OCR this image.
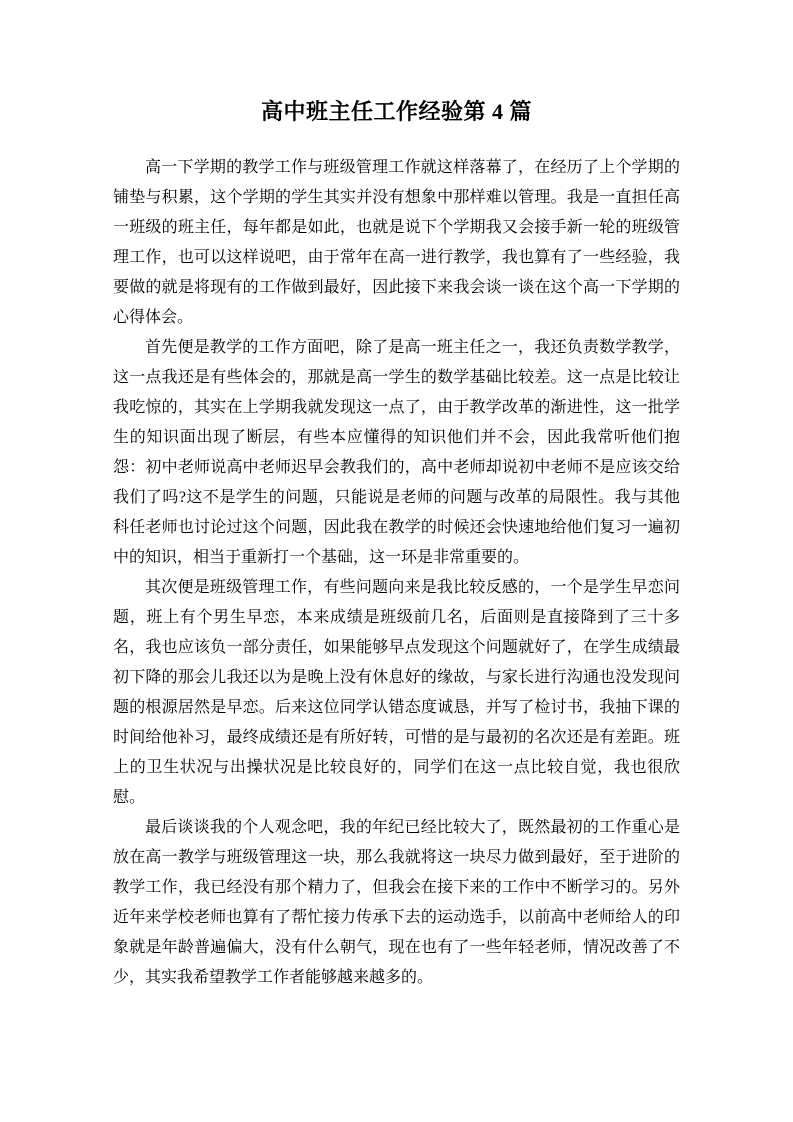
高中班主任工作经验第 4 篇

高一下学期的教学工作与班级管理工作就这样落幕了，在经历了上个学期的铺垫与积累，这个学期的学生其实并没有想象中那样难以管理。我是一直担任高一班级的班主任，每年都是如此，也就是说下个学期我又会接手新一轮的班级管理工作，也可以这样说吧，由于常年在高一进行教学，我也算有了一些经验，我要做的就是将现有的工作做到最好，因此接下来我会谈一谈在这个高一下学期的心得体会。

首先便是教学的工作方面吧，除了是高一班主任之一，我还负责数学教学，这一点我还是有些体会的，那就是高一学生的数学基础比较差。这一点是比较让我吃惊的，其实在上学期我就发现这一点了，由于教学改革的渐进性，这一批学生的知识面出现了断层，有些本应懂得的知识他们并不会，因此我常听他们抱怨：初中老师说高中老师迟早会教我们的，高中老师却说初中老师不是应该交给我们了吗?这不是学生的问题，只能说是老师的问题与改革的局限性。我与其他科任老师也讨论过这个问题，因此我在教学的时候还会快速地给他们复习一遍初中的知识，相当于重新打一个基础，这一环是非常重要的。

其次便是班级管理工作，有些问题向来是我比较反感的，一个是学生早恋问题，班上有个男生早恋，本来成绩是班级前几名，后面则是直接降到了三十多名，我也应该负一部分责任，如果能够早点发现这个问题就好了，在学生成绩最初下降的那会儿我还以为是晚上没有休息好的缘故，与家长进行沟通也没发现问题的根源居然是早恋。后来这位同学认错态度诚恳，并写了检讨书，我抽下课的时间给他补习，最终成绩还是有所好转，可惜的是与最初的名次还是有差距。班上的卫生状况与出操状况是比较良好的，同学们在这一点比较自觉，我也很欣慰。

最后谈谈我的个人观念吧，我的年纪已经比较大了，既然最初的工作重心是放在高一教学与班级管理这一块，那么我就将这一块尽力做到最好，至于进阶的教学工作，我已经没有那个精力了，但我会在接下来的工作中不断学习的。另外近年来学校老师也算有了帮忙接力传承下去的运动选手，以前高中老师给人的印象就是年龄普遍偏大，没有什么朝气，现在也有了一些年轻老师，情况改善了不少，其实我希望教学工作者能够越来越多的。
